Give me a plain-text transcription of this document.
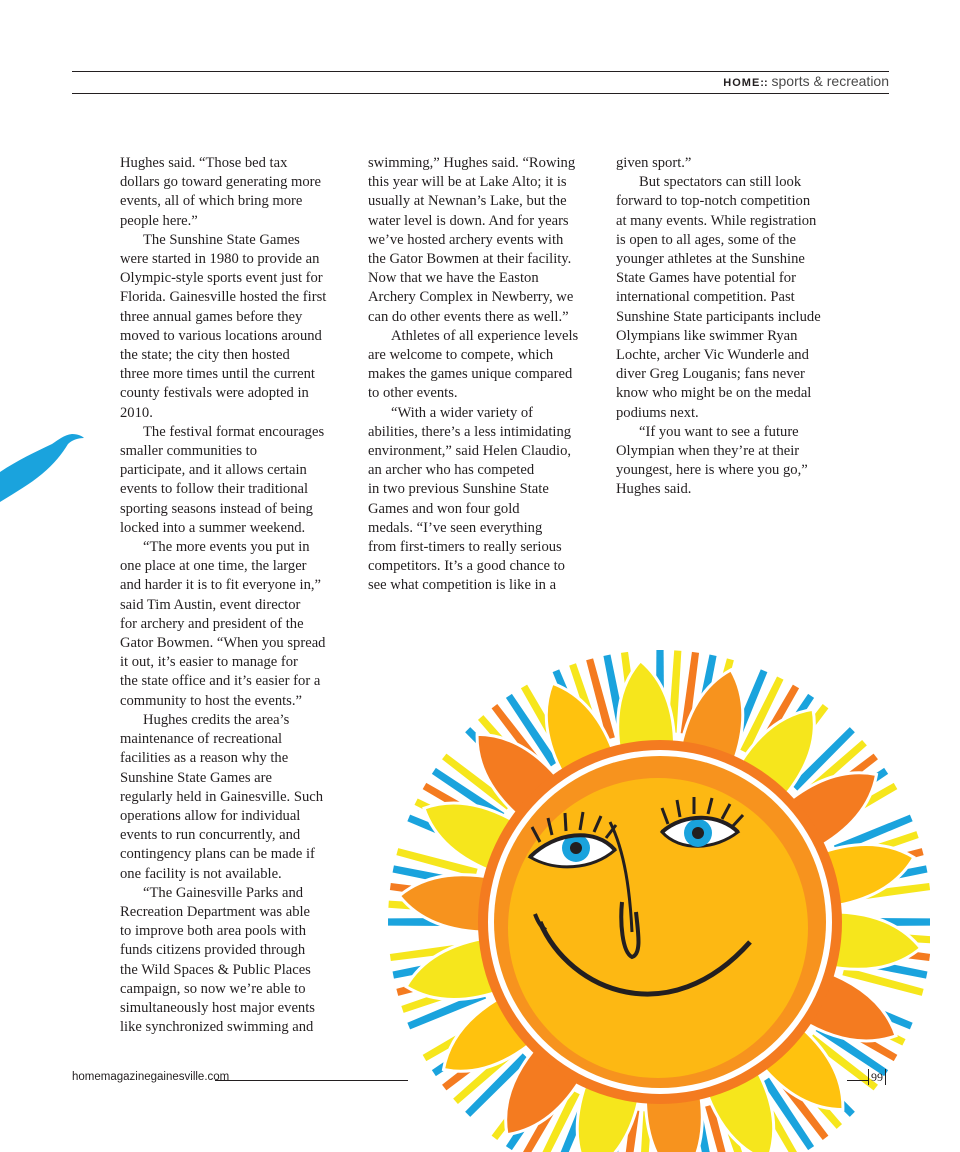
HOME:: sports & recreation

Hughes said. “Those bed tax

dollars go toward generating more

events, all of which bring more

people here.”

The Sunshine State Games

were started in 1980 to provide an

Olympic-style sports event just for

Florida. Gainesville hosted the first

three annual games before they

moved to various locations around

the state; the city then hosted

three more times until the current

county festivals were adopted in

2010.

The festival format encourages

smaller communities to

participate, and it allows certain

events to follow their traditional

sporting seasons instead of being

locked into a summer weekend.

“The more events you put in

one place at one time, the larger

and harder it is to fit everyone in,”

said Tim Austin, event director

for archery and president of the

Gator Bowmen. “When you spread

it out, it’s easier to manage for

the state office and it’s easier for a

community to host the events.”

Hughes credits the area’s

maintenance of recreational

facilities as a reason why the

Sunshine State Games are

regularly held in Gainesville. Such

operations allow for individual

events to run concurrently, and

contingency plans can be made if

one facility is not available.

“The Gainesville Parks and

Recreation Department was able

to improve both area pools with

funds citizens provided through

the Wild Spaces & Public Places

campaign, so now we’re able to

simultaneously host major events

like synchronized swimming and

swimming,” Hughes said. “Rowing

this year will be at Lake Alto; it is

usually at Newnan’s Lake, but the

water level is down. And for years

we’ve hosted archery events with

the Gator Bowmen at their facility.

Now that we have the Easton

Archery Complex in Newberry, we

can do other events there as well.”

Athletes of all experience levels

are welcome to compete, which

makes the games unique compared

to other events.

“With a wider variety of

abilities, there’s a less intimidating

environment,” said Helen Claudio,

an archer who has competed

in two previous Sunshine State

Games and won four gold

medals. “I’ve seen everything

from first-timers to really serious

competitors. It’s a good chance to

see what competition is like in a

given sport.”

But spectators can still look

forward to top-notch competition

at many events. While registration

is open to all ages, some of the

younger athletes at the Sunshine

State Games have potential for

international competition. Past

Sunshine State participants include

Olympians like swimmer Ryan

Lochte, archer Vic Wunderle and

diver Greg Louganis; fans never

know who might be on the medal

podiums next.

“If you want to see a future

Olympian when they’re at their

youngest, here is where you go,”

Hughes said.

homemagazinegainesville.com	99
